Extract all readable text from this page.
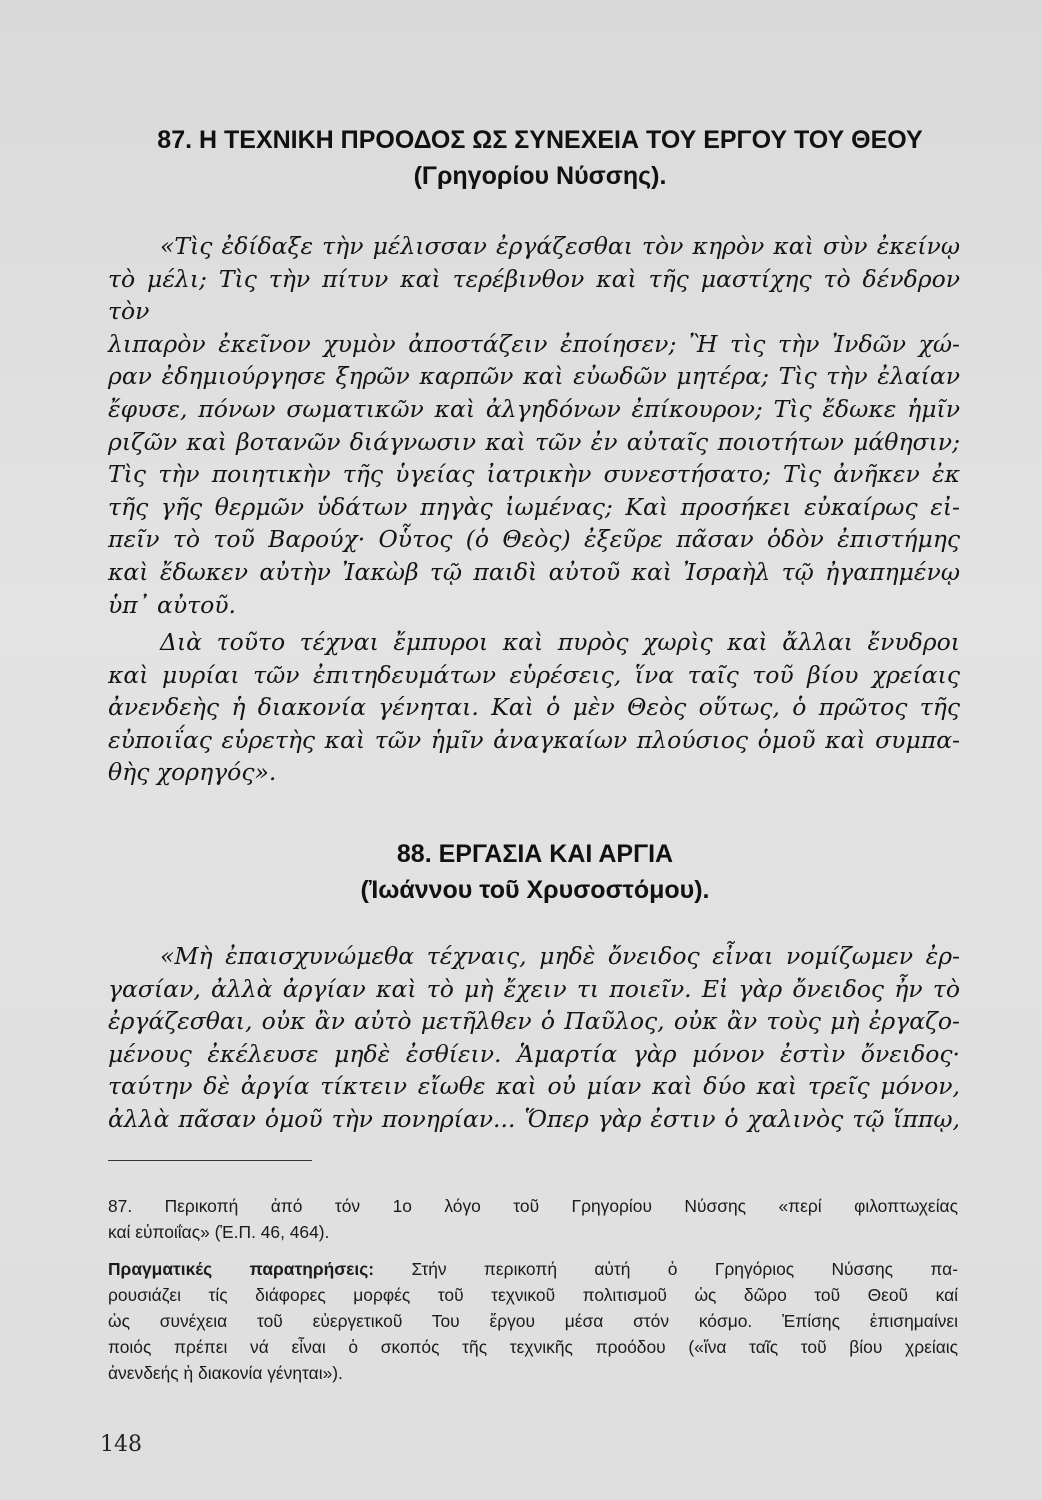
87. Η ΤΕΧΝΙΚΗ ΠΡΟΟΔΟΣ ΩΣ ΣΥΝΕΧΕΙΑ ΤΟΥ ΕΡΓΟΥ ΤΟΥ ΘΕΟΥ
(Γρηγορίου Νύσσης).
«Τὶς ἐδίδαξε τὴν μέλισσαν ἐργάζεσθαι τὸν κηρὸν καὶ σὺν ἐκείνῳ
τὸ μέλι; Τὶς τὴν πίτυν καὶ τερέβινθον καὶ τῆς μαστίχης τὸ δένδρον τὸν
λιπαρὸν ἐκεῖνον χυμὸν ἀποστάζειν ἐποίησεν; Ἢ τὶς τὴν Ἰνδῶν χώ-
ραν ἐδημιούργησε ξηρῶν καρπῶν καὶ εὐωδῶν μητέρα; Τὶς τὴν ἐλαίαν
ἔφυσε, πόνων σωματικῶν καὶ ἀλγηδόνων ἐπίκουρον; Τὶς ἔδωκε ἡμῖν
ριζῶν καὶ βοτανῶν διάγνωσιν καὶ τῶν ἐν αὐταῖς ποιοτήτων μάθησιν;
Τὶς τὴν ποιητικὴν τῆς ὑγείας ἰατρικὴν συνεστήσατο; Τὶς ἀνῆκεν ἐκ
τῆς γῆς θερμῶν ὑδάτων πηγὰς ἰωμένας; Καὶ προσήκει εὐκαίρως εἰ-
πεῖν τὸ τοῦ Βαρούχ· Οὗτος (ὁ Θεὸς) ἐξεῦρε πᾶσαν ὁδὸν ἐπιστήμης
καὶ ἔδωκεν αὐτὴν Ἰακὼβ τῷ παιδὶ αὐτοῦ καὶ Ἰσραὴλ τῷ ἠγαπημένῳ
ὑπ᾽ αὐτοῦ.
Διὰ τοῦτο τέχναι ἔμπυροι καὶ πυρὸς χωρὶς καὶ ἄλλαι ἔνυδροι
καὶ μυρίαι τῶν ἐπιτηδευμάτων εὑρέσεις, ἵνα ταῖς τοῦ βίου χρείαις
ἀνενδεὴς ἡ διακονία γένηται. Καὶ ὁ μὲν Θεὸς οὕτως, ὁ πρῶτος τῆς
εὐποιΐας εὑρετὴς καὶ τῶν ἡμῖν ἀναγκαίων πλούσιος ὁμοῦ καὶ συμπα-
θὴς χορηγός».
88. ΕΡΓΑΣΙΑ ΚΑΙ ΑΡΓΙΑ
(Ἰωάννου τοῦ Χρυσοστόμου).
«Μὴ ἐπαισχυνώμεθα τέχναις, μηδὲ ὄνειδος εἶναι νομίζωμεν ἐρ-
γασίαν, ἀλλὰ ἀργίαν καὶ τὸ μὴ ἔχειν τι ποιεῖν. Εἰ γὰρ ὄνειδος ἦν τὸ
ἐργάζεσθαι, οὐκ ἂν αὐτὸ μετῆλθεν ὁ Παῦλος, οὐκ ἂν τοὺς μὴ ἐργαζο-
μένους ἐκέλευσε μηδὲ ἐσθίειν. Ἁμαρτία γὰρ μόνον ἐστὶν ὄνειδος·
ταύτην δὲ ἀργία τίκτειν εἴωθε καὶ οὐ μίαν καὶ δύο καὶ τρεῖς μόνον,
ἀλλὰ πᾶσαν ὁμοῦ τὴν πονηρίαν... Ὅπερ γὰρ ἐστιν ὁ χαλινὸς τῷ ἵππῳ,
87. Περικοπή ἀπό τόν 1ο λόγο τοῦ Γρηγορίου Νύσσης «περί φιλοπτωχείας
καί εὐποιΐας» (Ἑ.Π. 46, 464).
Πραγματικές παρατηρήσεις: Στήν περικοπή αὐτή ὁ Γρηγόριος Νύσσης πα-
ρουσιάζει τίς διάφορες μορφές τοῦ τεχνικοῦ πολιτισμοῦ ὡς δῶρο τοῦ Θεοῦ καί
ὡς συνέχεια τοῦ εὐεργετικοῦ Του ἔργου μέσα στόν κόσμο. Ἐπίσης ἐπισημαίνει
ποιός πρέπει νά εἶναι ὁ σκοπός τῆς τεχνικῆς προόδου («ἵνα ταῖς τοῦ βίου χρείαις
ἀνενδεής ἡ διακονία γένηται»).
148
